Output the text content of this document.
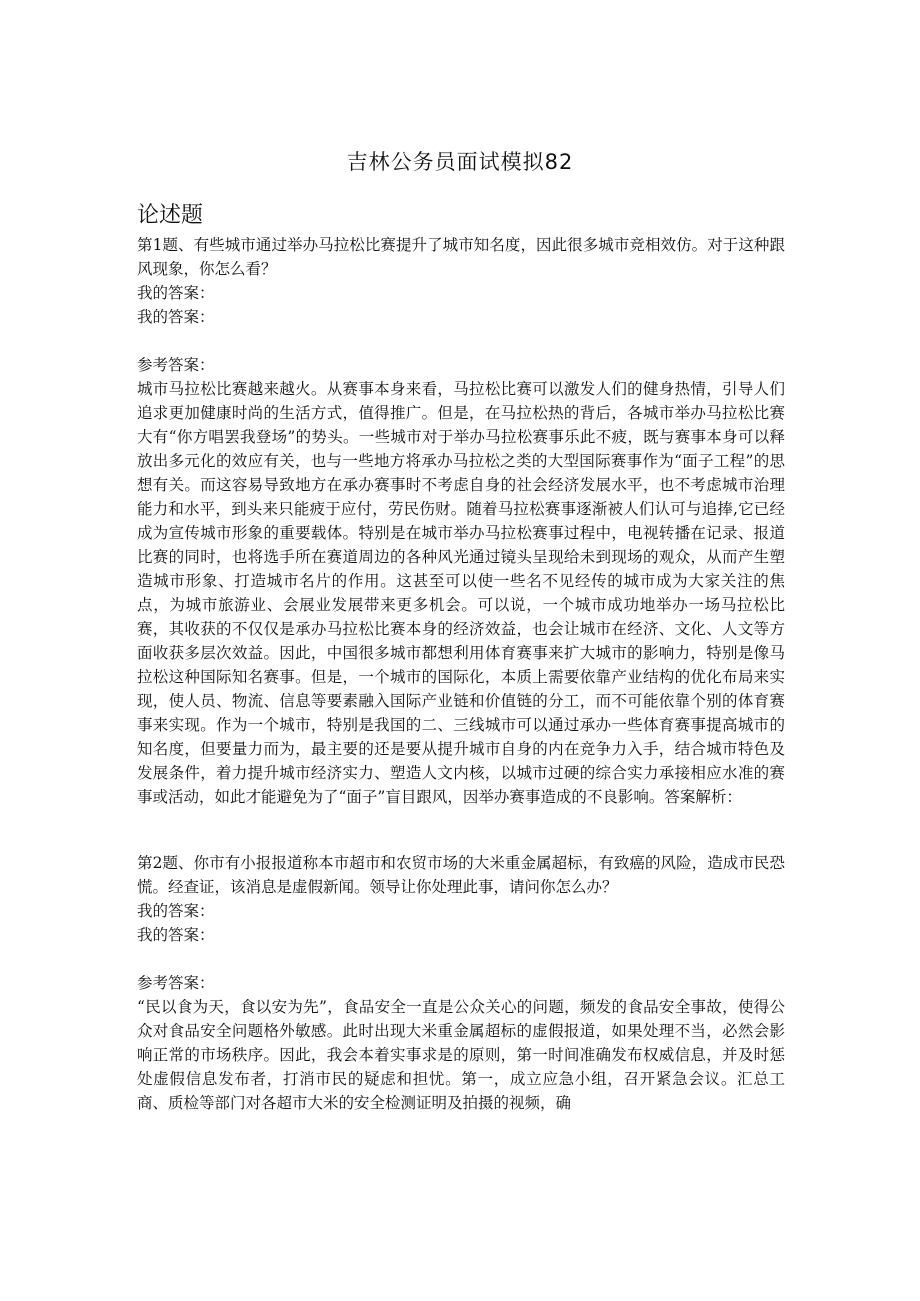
吉林公务员面试模拟82
论述题

第1题、有些城市通过举办马拉松比赛提升了城市知名度，因此很多城市竞相效仿。对于这种跟风现象，你怎么看？

我的答案：

我的答案：

参考答案：

城市马拉松比赛越来越火。从赛事本身来看，马拉松比赛可以激发人们的健身热情，引导人们追求更加健康时尚的生活方式，值得推广。但是，在马拉松热的背后，各城市举办马拉松比赛大有“你方唱罢我登场”的势头。一些城市对于举办马拉松赛事乐此不疲，既与赛事本身可以释放出多元化的效应有关，也与一些地方将承办马拉松之类的大型国际赛事作为“面子工程”的思想有关。而这容易导致地方在承办赛事时不考虑自身的社会经济发展水平，也不考虑城市治理能力和水平，到头来只能疲于应付，劳民伤财。随着马拉松赛事逐渐被人们认可与追捧,它已经成为宣传城市形象的重要载体。特别是在城市举办马拉松赛事过程中，电视转播在记录、报道比赛的同时，也将选手所在赛道周边的各种风光通过镜头呈现给未到现场的观众，从而产生塑造城市形象、打造城市名片的作用。这甚至可以使一些名不见经传的城市成为大家关注的焦点，为城市旅游业、会展业发展带来更多机会。可以说，一个城市成功地举办一场马拉松比赛，其收获的不仅仅是承办马拉松比赛本身的经济效益，也会让城市在经济、文化、人文等方面收获多层次效益。因此，中国很多城市都想利用体育赛事来扩大城市的影响力，特别是像马拉松这种国际知名赛事。但是，一个城市的国际化，本质上需要依靠产业结构的优化布局来实现，使人员、物流、信息等要素融入国际产业链和价值链的分工，而不可能依靠个别的体育赛事来实现。作为一个城市，特别是我国的二、三线城市可以通过承办一些体育赛事提高城市的知名度，但要量力而为，最主要的还是要从提升城市自身的内在竞争力入手，结合城市特色及发展条件，着力提升城市经济实力、塑造人文内核，以城市过硬的综合实力承接相应水准的赛事或活动，如此才能避免为了“面子”盲目跟风，因举办赛事造成的不良影响。答案解析：

第2题、你市有小报报道称本市超市和农贸市场的大米重金属超标，有致癌的风险，造成市民恐慌。经查证，该消息是虚假新闻。领导让你处理此事，请问你怎么办？

我的答案：

我的答案：

参考答案：

“民以食为天，食以安为先”，食品安全一直是公众关心的问题，频发的食品安全事故，使得公众对食品安全问题格外敏感。此时出现大米重金属超标的虚假报道，如果处理不当，必然会影响正常的市场秩序。因此，我会本着实事求是的原则，第一时间准确发布权威信息，并及时惩处虚假信息发布者，打消市民的疑虑和担忧。第一，成立应急小组，召开紧急会议。汇总工商、质检等部门对各超市大米的安全检测证明及拍摄的视频，确
